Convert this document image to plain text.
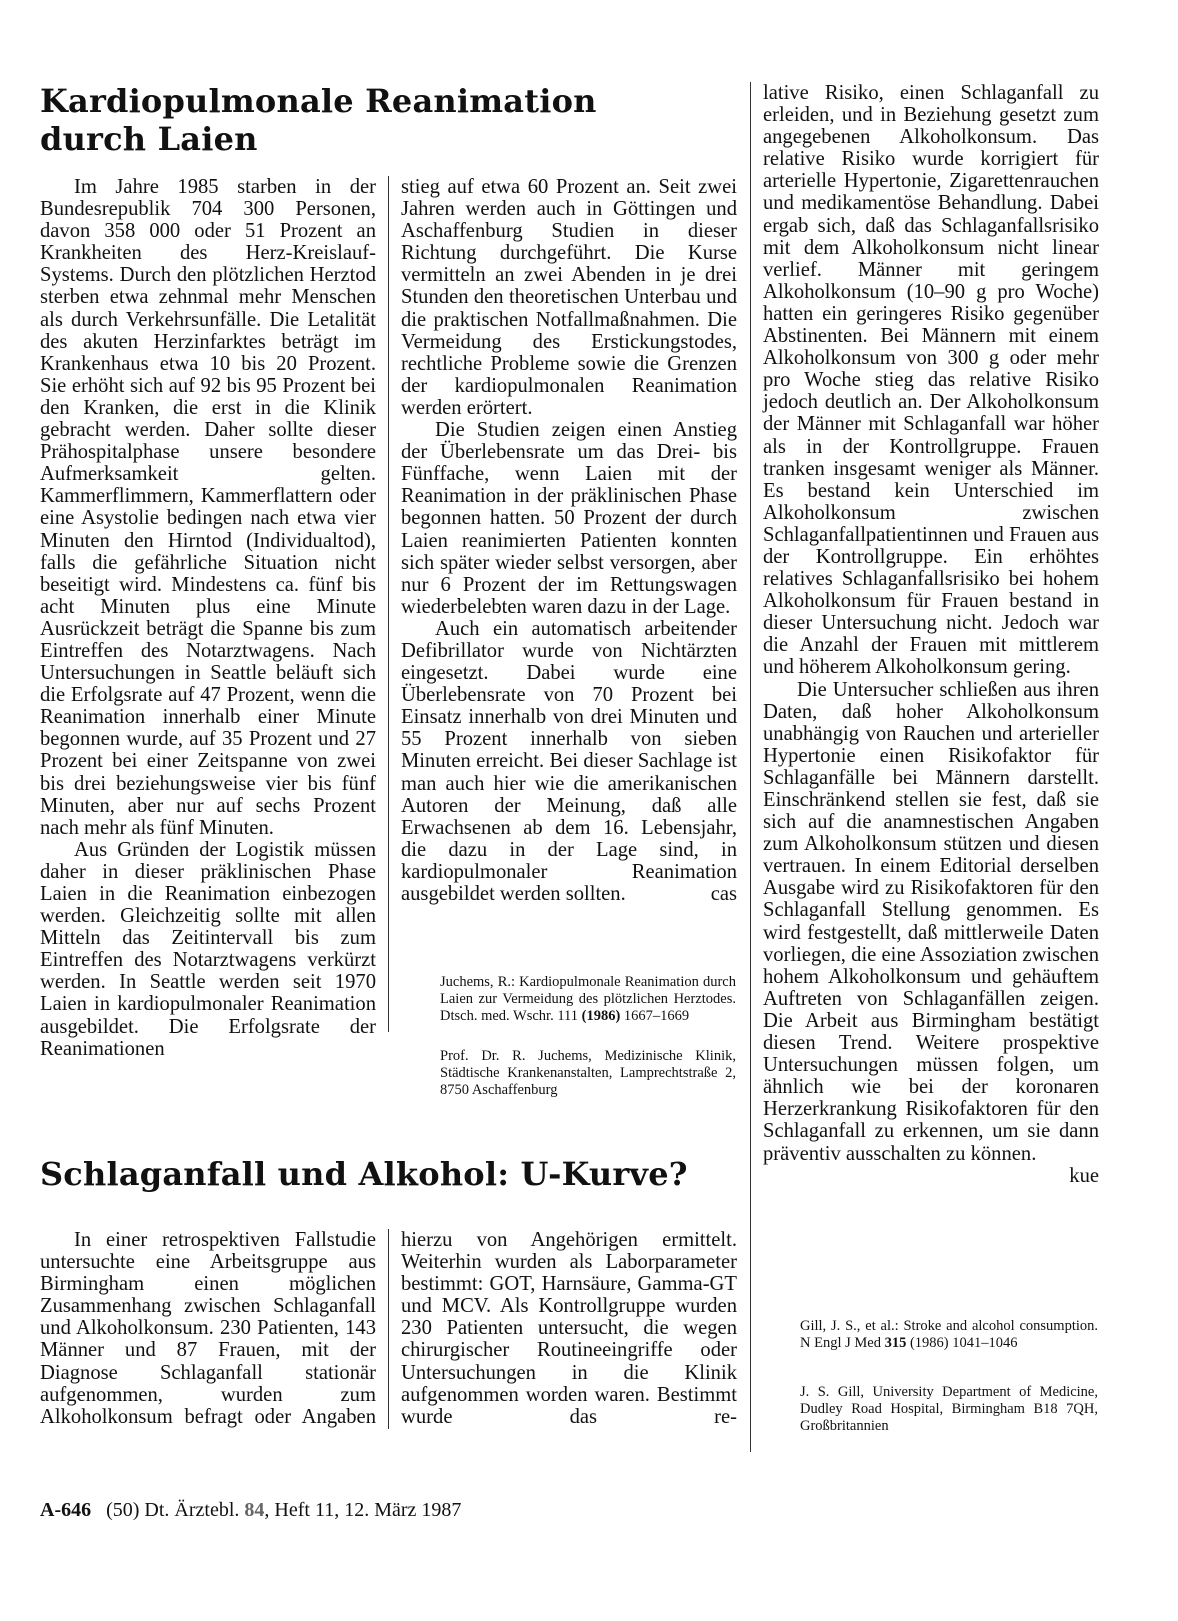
Kardiopulmonale Reanimation
durch Laien

Im Jahre 1985 starben in der Bundesrepublik 704 300 Personen, davon 358 000 oder 51 Prozent an Krankheiten des Herz-Kreislauf-Systems. Durch den plötzlichen Herztod sterben etwa zehnmal mehr Menschen als durch Verkehrsunfälle. Die Letalität des akuten Herzinfarktes beträgt im Krankenhaus etwa 10 bis 20 Prozent. Sie erhöht sich auf 92 bis 95 Prozent bei den Kranken, die erst in die Klinik gebracht werden. Daher sollte dieser Prähospitalphase unsere besondere Aufmerksamkeit gelten. Kammerflimmern, Kammerflattern oder eine Asystolie bedingen nach etwa vier Minuten den Hirntod (Individualtod), falls die gefährliche Situation nicht beseitigt wird. Mindestens ca. fünf bis acht Minuten plus eine Minute Ausrückzeit beträgt die Spanne bis zum Eintreffen des Notarztwagens. Nach Untersuchungen in Seattle beläuft sich die Erfolgsrate auf 47 Prozent, wenn die Reanimation innerhalb einer Minute begonnen wurde, auf 35 Prozent und 27 Prozent bei einer Zeitspanne von zwei bis drei beziehungsweise vier bis fünf Minuten, aber nur auf sechs Prozent nach mehr als fünf Minuten.

Aus Gründen der Logistik müssen daher in dieser präklinischen Phase Laien in die Reanimation einbezogen werden. Gleichzeitig sollte mit allen Mitteln das Zeitintervall bis zum Eintreffen des Notarztwagens verkürzt werden. In Seattle werden seit 1970 Laien in kardiopulmonaler Reanimation ausgebildet. Die Erfolgsrate der Reanimationen

stieg auf etwa 60 Prozent an. Seit zwei Jahren werden auch in Göttingen und Aschaffenburg Studien in dieser Richtung durchgeführt. Die Kurse vermitteln an zwei Abenden in je drei Stunden den theoretischen Unterbau und die praktischen Notfallmaßnahmen. Die Vermeidung des Erstickungstodes, rechtliche Probleme sowie die Grenzen der kardiopulmonalen Reanimation werden erörtert.

Die Studien zeigen einen Anstieg der Überlebensrate um das Drei- bis Fünffache, wenn Laien mit der Reanimation in der präklinischen Phase begonnen hatten. 50 Prozent der durch Laien reanimierten Patienten konnten sich später wieder selbst versorgen, aber nur 6 Prozent der im Rettungswagen wiederbelebten waren dazu in der Lage.

Auch ein automatisch arbeitender Defibrillator wurde von Nichtärzten eingesetzt. Dabei wurde eine Überlebensrate von 70 Prozent bei Einsatz innerhalb von drei Minuten und 55 Prozent innerhalb von sieben Minuten erreicht. Bei dieser Sachlage ist man auch hier wie die amerikanischen Autoren der Meinung, daß alle Erwachsenen ab dem 16. Lebensjahr, die dazu in der Lage sind, in kardiopulmonaler Reanimation ausgebildet werden sollten.	cas

Juchems, R.: Kardiopulmonale Reanimation durch Laien zur Vermeidung des plötzlichen Herztodes. Dtsch. med. Wschr. 111 (1986) 1667–1669

Prof. Dr. R. Juchems, Medizinische Klinik, Städtische Krankenanstalten, Lamprechtstraße 2, 8750 Aschaffenburg

Schlaganfall und Alkohol: U-Kurve?

In einer retrospektiven Fallstudie untersuchte eine Arbeitsgruppe aus Birmingham einen möglichen Zusammenhang zwischen Schlaganfall und Alkoholkonsum. 230 Patienten, 143 Männer und 87 Frauen, mit der Diagnose Schlaganfall stationär aufgenommen, wurden zum Alkoholkonsum befragt oder Angaben

hierzu von Angehörigen ermittelt. Weiterhin wurden als Laborparameter bestimmt: GOT, Harnsäure, Gamma-GT und MCV. Als Kontrollgruppe wurden 230 Patienten untersucht, die wegen chirurgischer Routineeingriffe oder Untersuchungen in die Klinik aufgenommen worden waren. Bestimmt wurde das re-

lative Risiko, einen Schlaganfall zu erleiden, und in Beziehung gesetzt zum angegebenen Alkoholkonsum. Das relative Risiko wurde korrigiert für arterielle Hypertonie, Zigarettenrauchen und medikamentöse Behandlung. Dabei ergab sich, daß das Schlaganfallsrisiko mit dem Alkoholkonsum nicht linear verlief. Männer mit geringem Alkoholkonsum (10–90 g pro Woche) hatten ein geringeres Risiko gegenüber Abstinenten. Bei Männern mit einem Alkoholkonsum von 300 g oder mehr pro Woche stieg das relative Risiko jedoch deutlich an. Der Alkoholkonsum der Männer mit Schlaganfall war höher als in der Kontrollgruppe. Frauen tranken insgesamt weniger als Männer. Es bestand kein Unterschied im Alkoholkonsum zwischen Schlaganfallpatientinnen und Frauen aus der Kontrollgruppe. Ein erhöhtes relatives Schlaganfallsrisiko bei hohem Alkoholkonsum für Frauen bestand in dieser Untersuchung nicht. Jedoch war die Anzahl der Frauen mit mittlerem und höherem Alkoholkonsum gering.

Die Untersucher schließen aus ihren Daten, daß hoher Alkoholkonsum unabhängig von Rauchen und arterieller Hypertonie einen Risikofaktor für Schlaganfälle bei Männern darstellt. Einschränkend stellen sie fest, daß sie sich auf die anamnestischen Angaben zum Alkoholkonsum stützen und diesen vertrauen. In einem Editorial derselben Ausgabe wird zu Risikofaktoren für den Schlaganfall Stellung genommen. Es wird festgestellt, daß mittlerweile Daten vorliegen, die eine Assoziation zwischen hohem Alkoholkonsum und gehäuftem Auftreten von Schlaganfällen zeigen. Die Arbeit aus Birmingham bestätigt diesen Trend. Weitere prospektive Untersuchungen müssen folgen, um ähnlich wie bei der koronaren Herzerkrankung Risikofaktoren für den Schlaganfall zu erkennen, um sie dann präventiv ausschalten zu können.
kue

Gill, J. S., et al.: Stroke and alcohol consumption. N Engl J Med 315 (1986) 1041–1046

J. S. Gill, University Department of Medicine, Dudley Road Hospital, Birmingham B18 7QH, Großbritannien

A-646 (50) Dt. Ärztebl. 84, Heft 11, 12. März 1987
